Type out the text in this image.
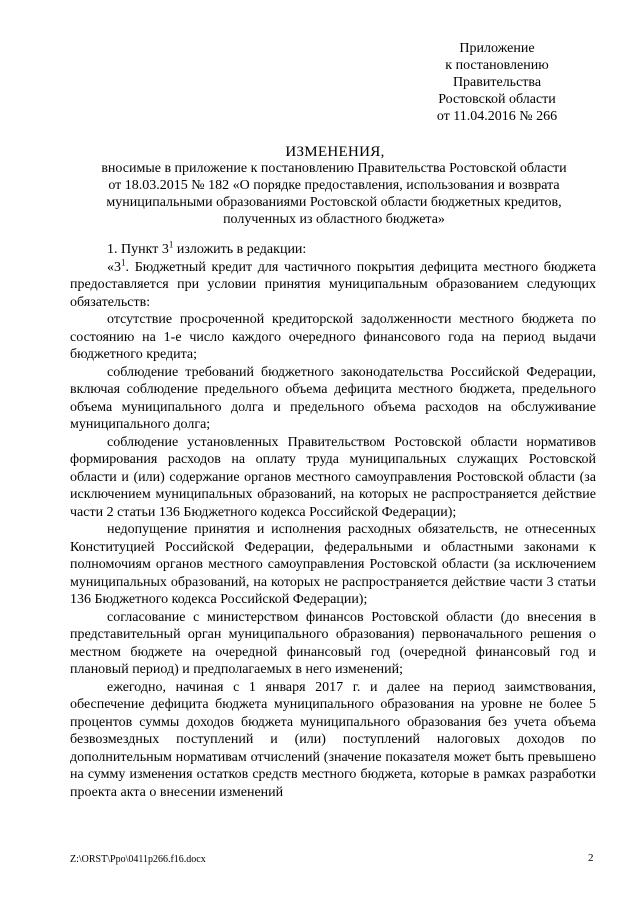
Приложение
к постановлению
Правительства
Ростовской области
от 11.04.2016 № 266
ИЗМЕНЕНИЯ,
вносимые в приложение к постановлению Правительства Ростовской области
от 18.03.2015 № 182 «О порядке предоставления, использования и возврата
муниципальными образованиями Ростовской области бюджетных кредитов,
полученных из областного бюджета»

1. Пункт $3^1$ изложить в редакции:

«$3^1$. Бюджетный кредит для частичного покрытия дефицита местного бюджета предоставляется при условии принятия муниципальным образованием следующих обязательств:

отсутствие просроченной кредиторской задолженности местного бюджета по состоянию на 1-е число каждого очередного финансового года на период выдачи бюджетного кредита;

соблюдение требований бюджетного законодательства Российской Федерации, включая соблюдение предельного объема дефицита местного бюджета, предельного объема муниципального долга и предельного объема расходов на обслуживание муниципального долга;

соблюдение установленных Правительством Ростовской области нормативов формирования расходов на оплату труда муниципальных служащих Ростовской области и (или) содержание органов местного самоуправления Ростовской области (за исключением муниципальных образований, на которых не распространяется действие части 2 статьи 136 Бюджетного кодекса Российской Федерации);

недопущение принятия и исполнения расходных обязательств, не отнесенных Конституцией Российской Федерации, федеральными и областными законами к полномочиям органов местного самоуправления Ростовской области (за исключением муниципальных образований, на которых не распространяется действие части 3 статьи 136 Бюджетного кодекса Российской Федерации);

согласование с министерством финансов Ростовской области (до внесения в представительный орган муниципального образования) первоначального решения о местном бюджете на очередной финансовый год (очередной финансовый год и плановый период) и предполагаемых в него изменений;

ежегодно, начиная с 1 января 2017 г. и далее на период заимствования, обеспечение дефицита бюджета муниципального образования на уровне не более 5 процентов суммы доходов бюджета муниципального образования без учета объема безвозмездных поступлений и (или) поступлений налоговых доходов по дополнительным нормативам отчислений (значение показателя может быть превышено на сумму изменения остатков средств местного бюджета, которые в рамках разработки проекта акта о внесении изменений

Z:\ORST\Ppo\0411p266.f16.docx	2
